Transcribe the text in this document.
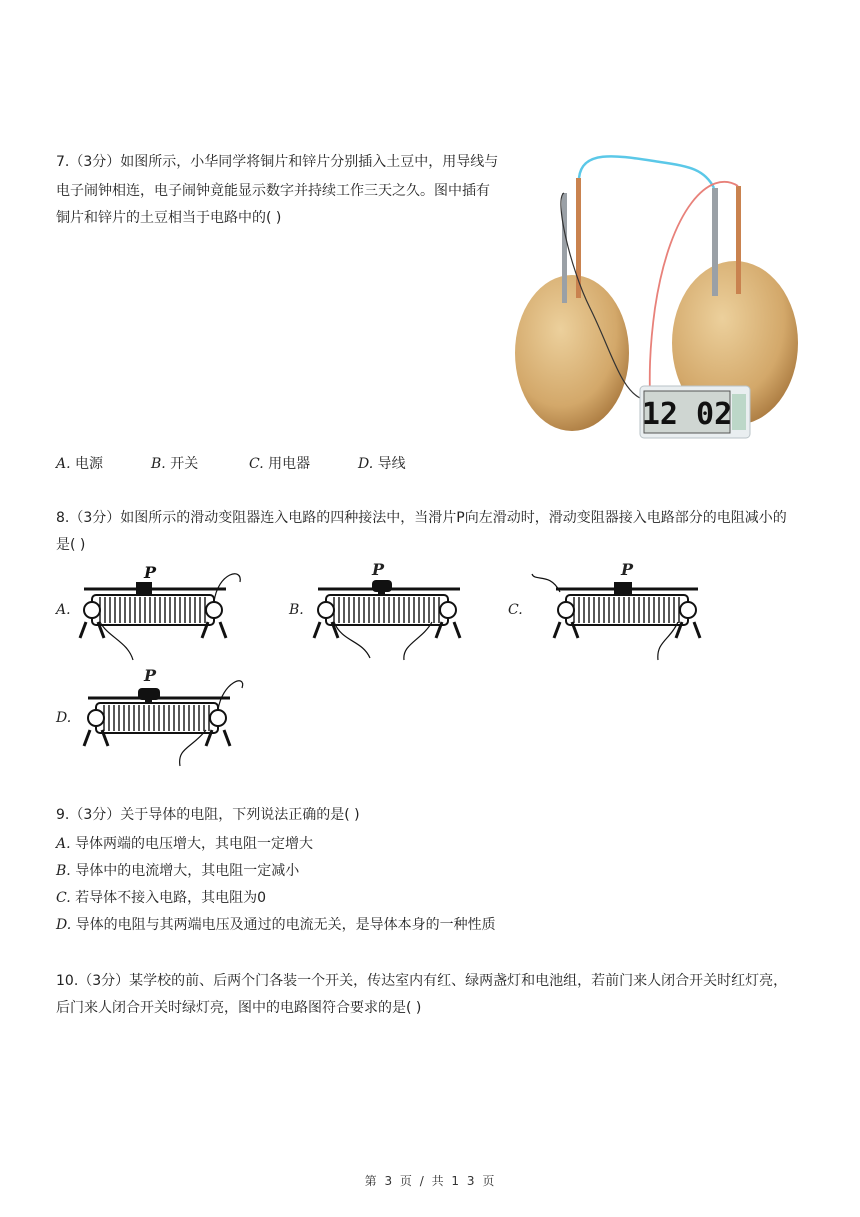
7.（3分）如图所示，小华同学将铜片和锌片分别插入土豆中，用导线与
电子闹钟相连，电子闹钟竟能显示数字并持续工作三天之久。图中插有
铜片和锌片的土豆相当于电路中的( )
12 02
A. 电源	B. 开关	C. 用电器	D. 导线
8.（3分）如图所示的滑动变阻器连入电路的四种接法中，当滑片P向左滑动时，滑动变阻器接入电路部分的电阻减小的
是( )
A.	B.	C.
D.
P	P	P
P
9.（3分）关于导体的电阻，下列说法正确的是( )
A. 导体两端的电压增大，其电阻一定增大
B. 导体中的电流增大，其电阻一定减小
C. 若导体不接入电路，其电阻为0
D. 导体的电阻与其两端电压及通过的电流无关，是导体本身的一种性质
10.（3分）某学校的前、后两个门各装一个开关，传达室内有红、绿两盏灯和电池组，若前门来人闭合开关时红灯亮，
后门来人闭合开关时绿灯亮，图中的电路图符合要求的是( )
第 3 页 / 共 1 3 页
